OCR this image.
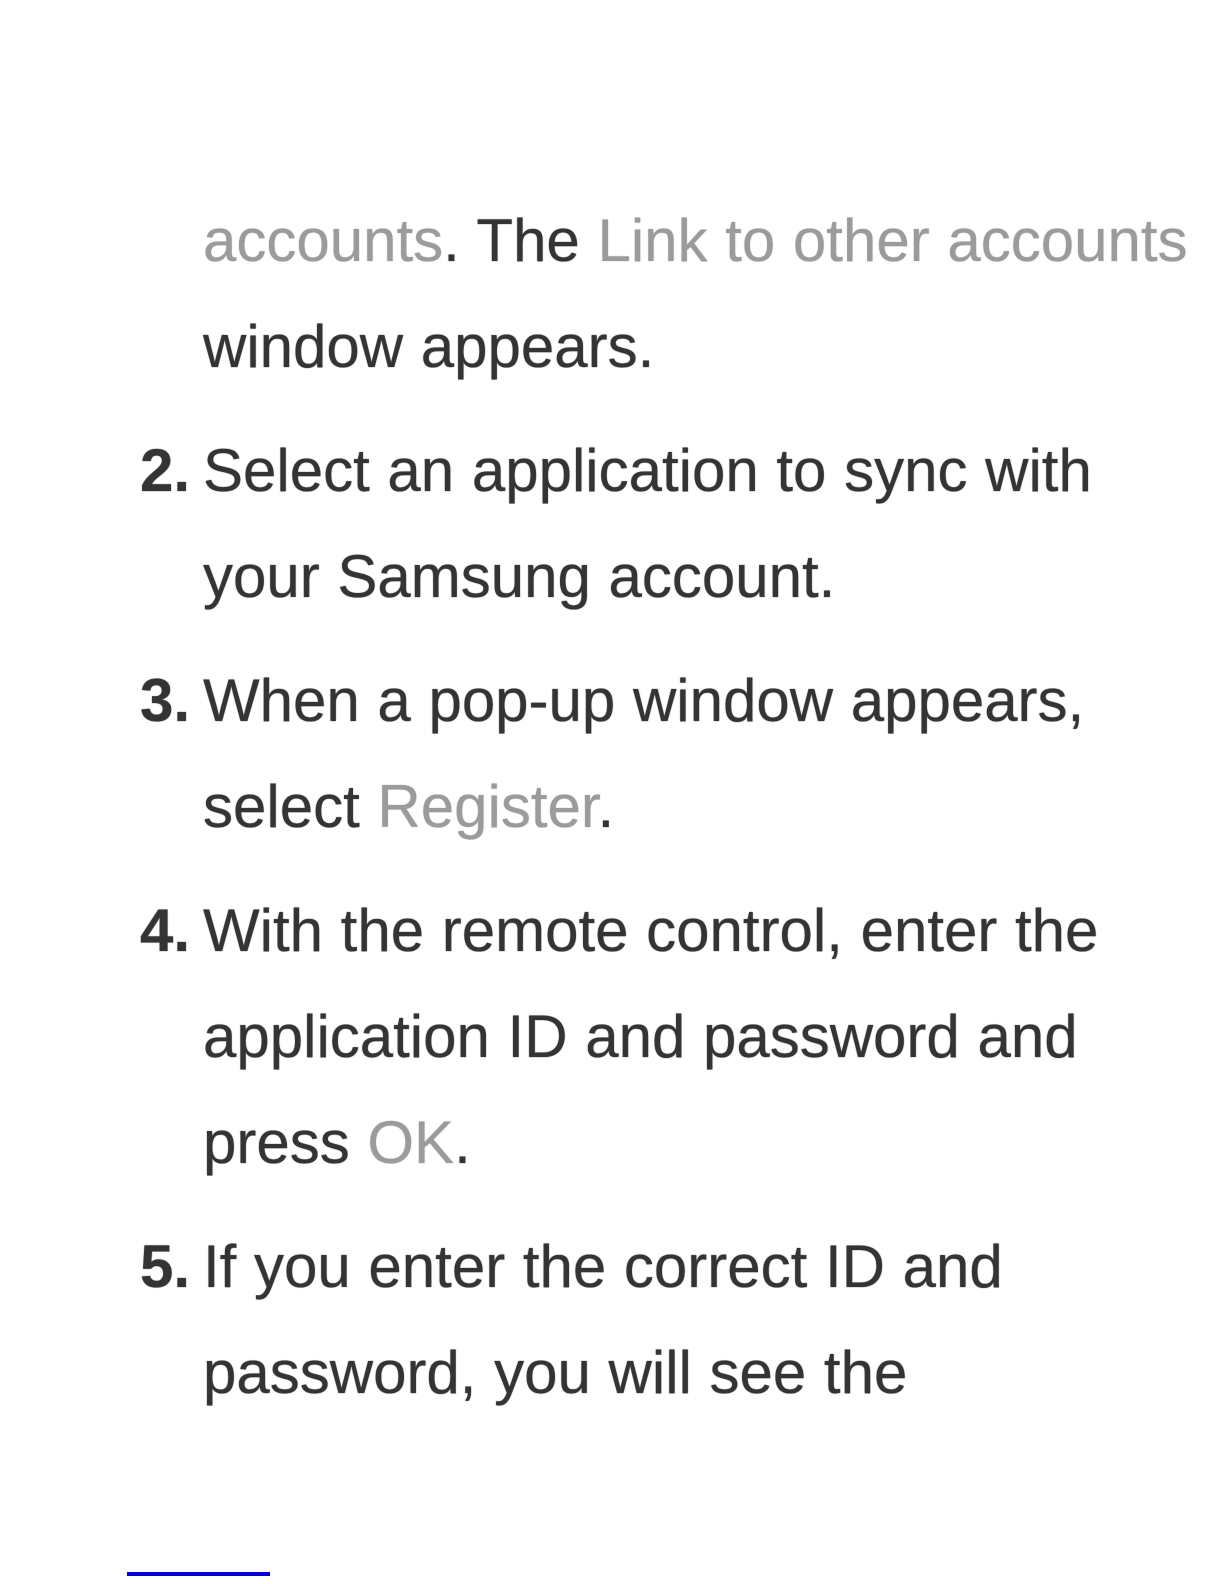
accounts. The Link to other accounts
window appears.
2. Select an application to sync with
your Samsung account.
3. When a pop-up window appears,
select Register.
4. With the remote control, enter the
application ID and password and
press OK.
5. If you enter the correct ID and
password, you will see the
